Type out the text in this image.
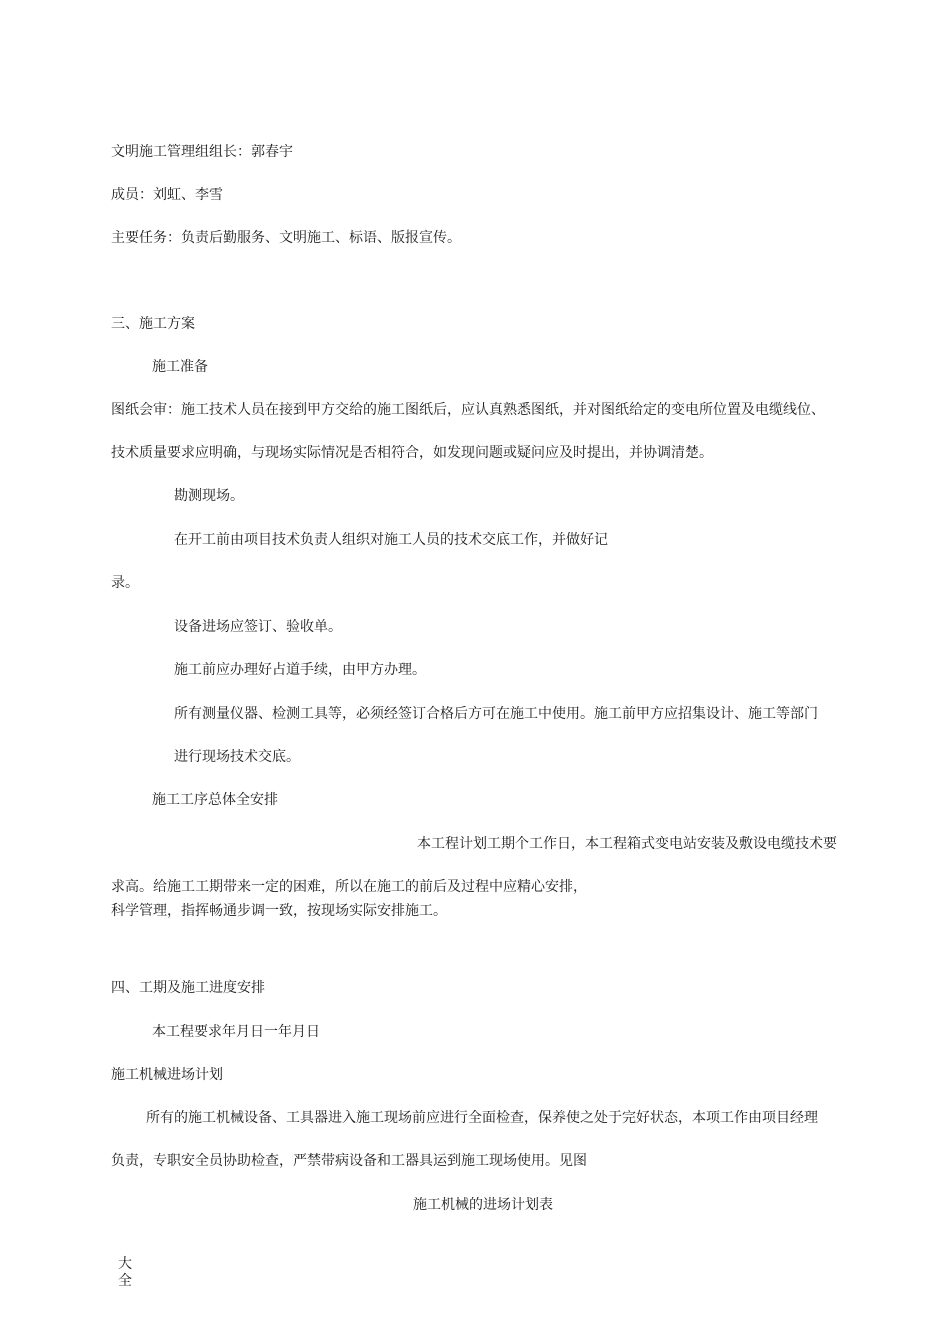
文明施工管理组组长：郭春宇
成员：刘虹、李雪
主要任务：负责后勤服务、文明施工、标语、版报宣传。
三、施工方案
施工准备
图纸会审：施工技术人员在接到甲方交给的施工图纸后，应认真熟悉图纸，并对图纸给定的变电所位置及电缆线位、
技术质量要求应明确，与现场实际情况是否相符合，如发现问题或疑问应及时提出，并协调清楚。
勘测现场。
在开工前由项目技术负责人组织对施工人员的技术交底工作，并做好记
录。
设备进场应签订、验收单。
施工前应办理好占道手续，由甲方办理。
所有测量仪器、检测工具等，必须经签订合格后方可在施工中使用。施工前甲方应招集设计、施工等部门
进行现场技术交底。
施工工序总体全安排
本工程计划工期个工作日，本工程箱式变电站安装及敷设电缆技术要
求高。给施工工期带来一定的困难，所以在施工的前后及过程中应精心安排，
科学管理，指挥畅通步调一致，按现场实际安排施工。
四、工期及施工进度安排
本工程要求年月日一年月日
施工机械进场计划
所有的施工机械设备、工具器进入施工现场前应进行全面检查，保养使之处于完好状态，本项工作由项目经理
负责，专职安全员协助检查，严禁带病设备和工器具运到施工现场使用。见图
施工机械的进场计划表
大
全
